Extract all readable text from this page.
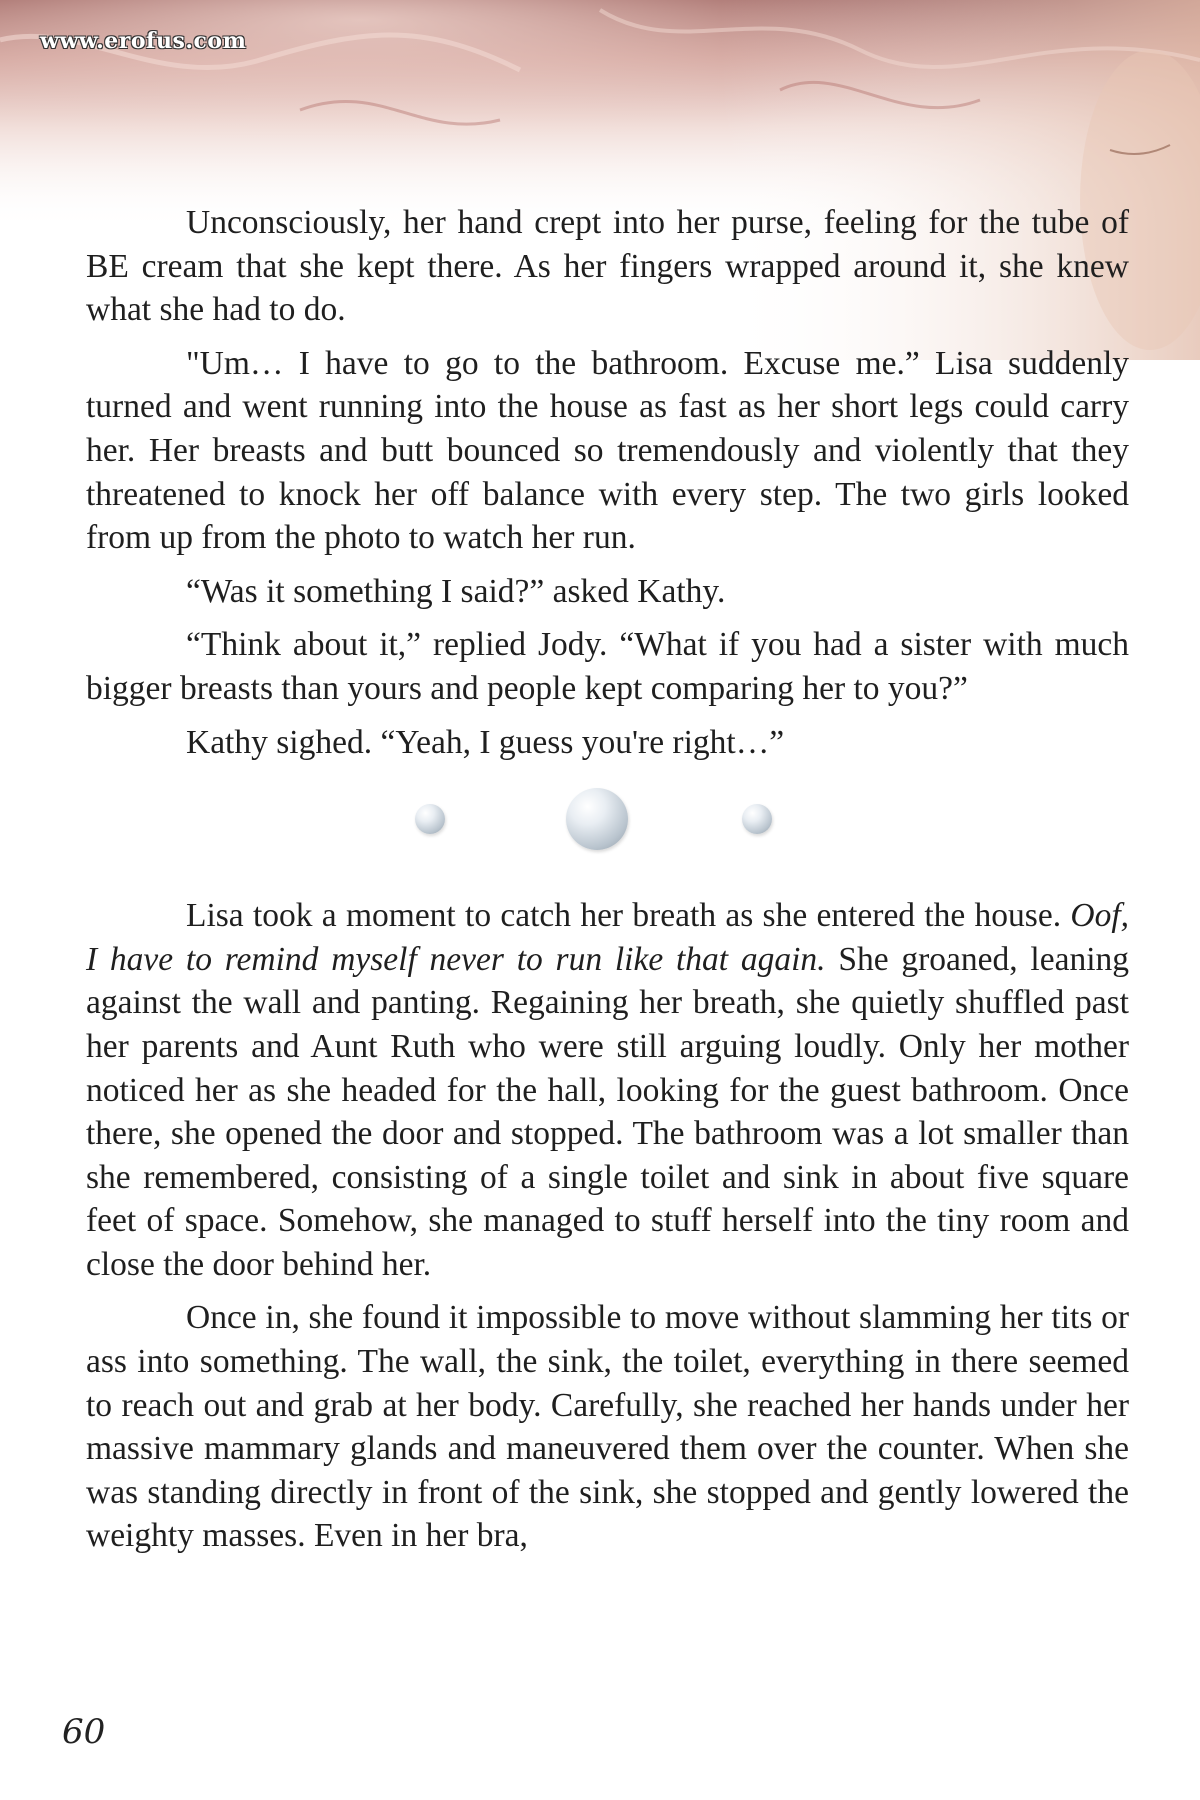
www.erofus.com

Unconsciously, her hand crept into her purse, feeling for the tube of BE cream that she kept there. As her fingers wrapped around it, she knew what she had to do.

"Um… I have to go to the bathroom. Excuse me.” Lisa suddenly turned and went running into the house as fast as her short legs could carry her. Her breasts and butt bounced so tremendously and violently that they threatened to knock her off balance with every step. The two girls looked from up from the photo to watch her run.

“Was it something I said?” asked Kathy.

“Think about it,” replied Jody. “What if you had a sister with much bigger breasts than yours and people kept comparing her to you?”

Kathy sighed. “Yeah, I guess you're right…”

Lisa took a moment to catch her breath as she entered the house. Oof, I have to remind myself never to run like that again. She groaned, leaning against the wall and panting. Regaining her breath, she quietly shuffled past her parents and Aunt Ruth who were still arguing loudly. Only her mother noticed her as she headed for the hall, looking for the guest bathroom. Once there, she opened the door and stopped. The bathroom was a lot smaller than she remembered, consisting of a single toilet and sink in about five square feet of space. Somehow, she managed to stuff herself into the tiny room and close the door behind her.

Once in, she found it impossible to move without slamming her tits or ass into something. The wall, the sink, the toilet, everything in there seemed to reach out and grab at her body. Carefully, she reached her hands under her massive mammary glands and maneuvered them over the counter. When she was standing directly in front of the sink, she stopped and gently lowered the weighty masses. Even in her bra,

60
